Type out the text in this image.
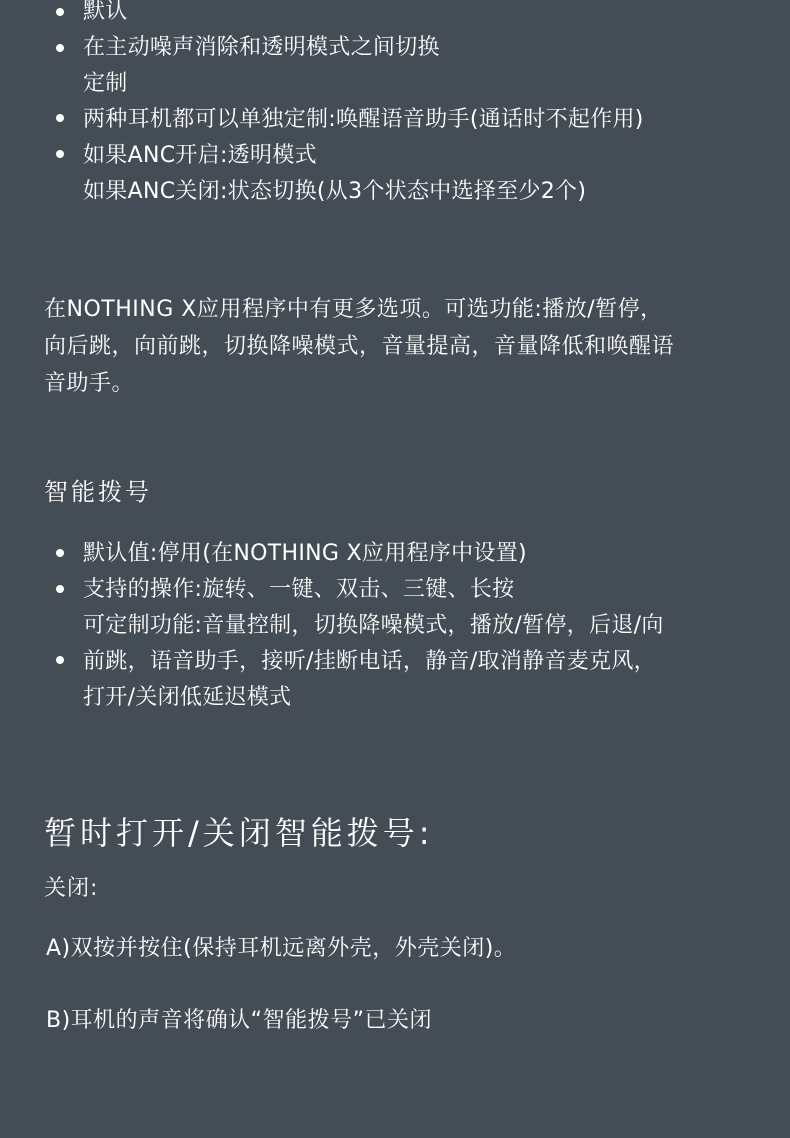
默认
在主动噪声消除和透明模式之间切换
定制
两种耳机都可以单独定制:唤醒语音助手(通话时不起作用)
如果ANC开启:透明模式
如果ANC关闭:状态切换(从3个状态中选择至少2个)
在NOTHING X应用程序中有更多选项。可选功能:播放/暂停，
向后跳，向前跳，切换降噪模式，音量提高，音量降低和唤醒语
音助手。
智能拨号
默认值:停用(在NOTHING X应用程序中设置)
支持的操作:旋转、一键、双击、三键、长按
可定制功能:音量控制，切换降噪模式，播放/暂停，后退/向
前跳，语音助手，接听/挂断电话，静音/取消静音麦克风，
打开/关闭低延迟模式
暂时打开/关闭智能拨号:
关闭:
A)双按并按住(保持耳机远离外壳，外壳关闭)。
B)耳机的声音将确认“智能拨号”已关闭
